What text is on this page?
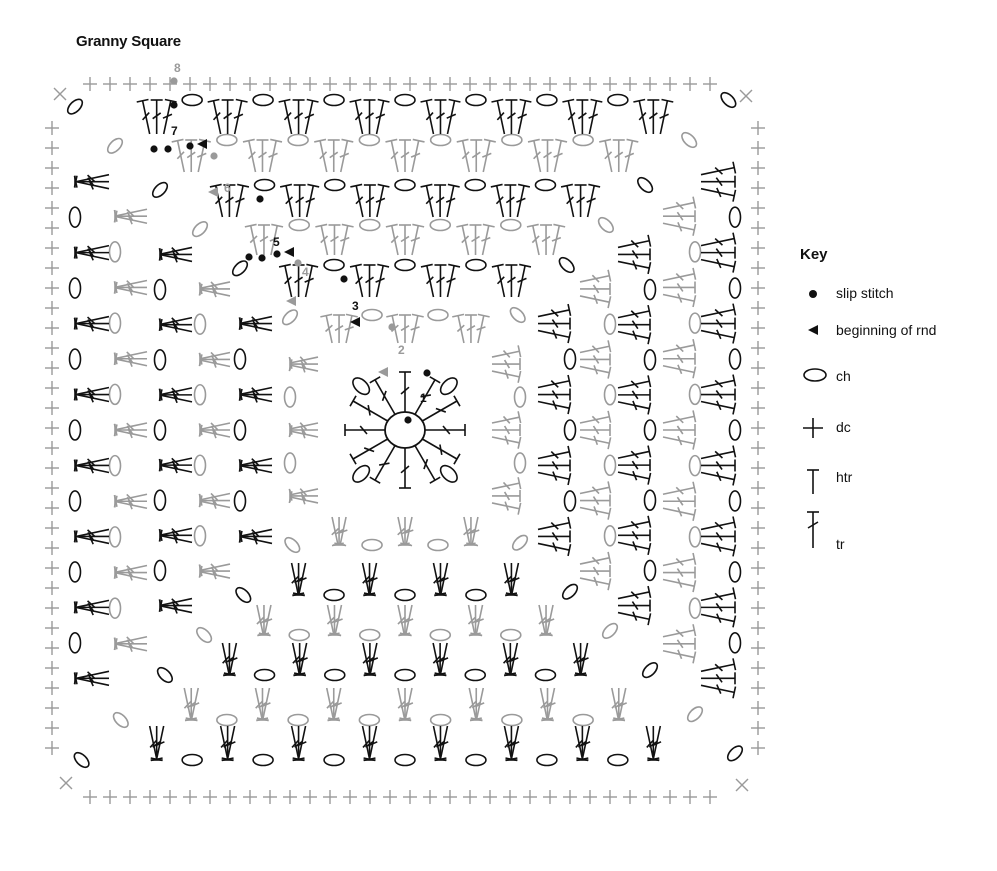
Granny Square
1
2
3
4
5
6
7
8
Key
slip stitch
beginning of rnd
ch
dc
htr
tr
